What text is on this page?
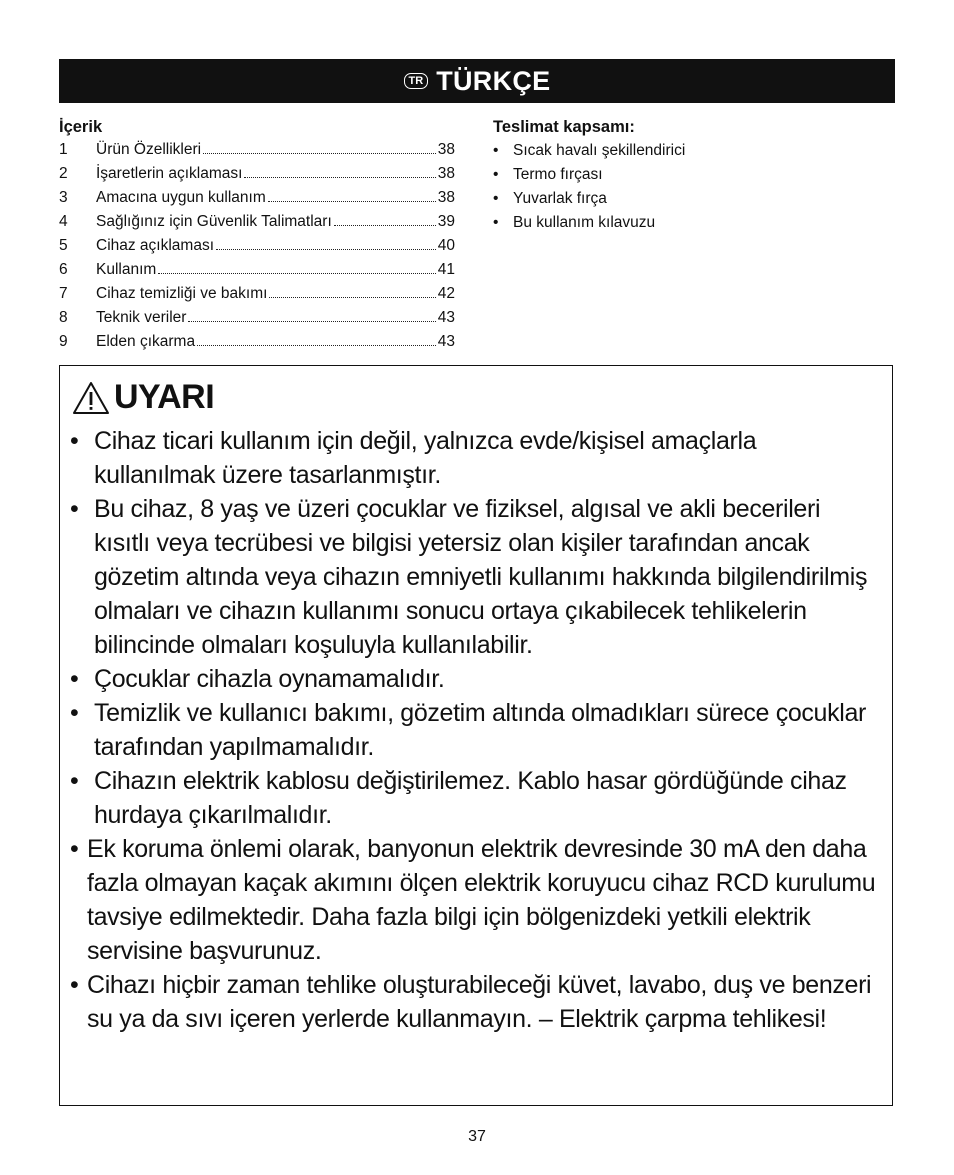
TR TÜRKÇE
İçerik
1	Ürün Özellikleri	38
2	İşaretlerin açıklaması	38
3	Amacına uygun kullanım	38
4	Sağlığınız için Güvenlik Talimatları	39
5	Cihaz açıklaması	40
6	Kullanım	41
7	Cihaz temizliği ve bakımı	42
8	Teknik veriler	43
9	Elden çıkarma	43
Teslimat kapsamı:
• Sıcak havalı şekillendirici
• Termo fırçası
• Yuvarlak fırça
• Bu kullanım kılavuzu
UYARI
• Cihaz ticari kullanım için değil, yalnızca evde/kişisel amaçlarla kullanılmak üzere tasarlanmıştır.
• Bu cihaz, 8 yaş ve üzeri çocuklar ve fiziksel, algısal ve akli becerileri kısıtlı veya tecrübesi ve bilgisi yetersiz olan kişiler tarafından ancak gözetim altında veya cihazın emniyetli kullanımı hakkında bilgilendirilmiş olmaları ve cihazın kullanımı sonucu ortaya çıkabilecek tehlikelerin bilincinde olmaları koşuluyla kullanılabilir.
• Çocuklar cihazla oynamamalıdır.
• Temizlik ve kullanıcı bakımı, gözetim altında olmadıkları sürece çocuklar tarafından yapılmamalıdır.
• Cihazın elektrik kablosu değiştirilemez. Kablo hasar gördüğünde cihaz hurdaya çıkarılmalıdır.
• Ek koruma önlemi olarak, banyonun elektrik devresinde 30 mA den daha fazla olmayan kaçak akımını ölçen elektrik koruyucu cihaz RCD kurulumu tavsiye edilmektedir. Daha fazla bilgi için bölgenizdeki yetkili elektrik servisine başvurunuz.
• Cihazı hiçbir zaman tehlike oluşturabileceği küvet, lavabo, duş ve benzeri su ya da sıvı içeren yerlerde kullanmayın. – Elektrik çarpma tehlikesi!
37
